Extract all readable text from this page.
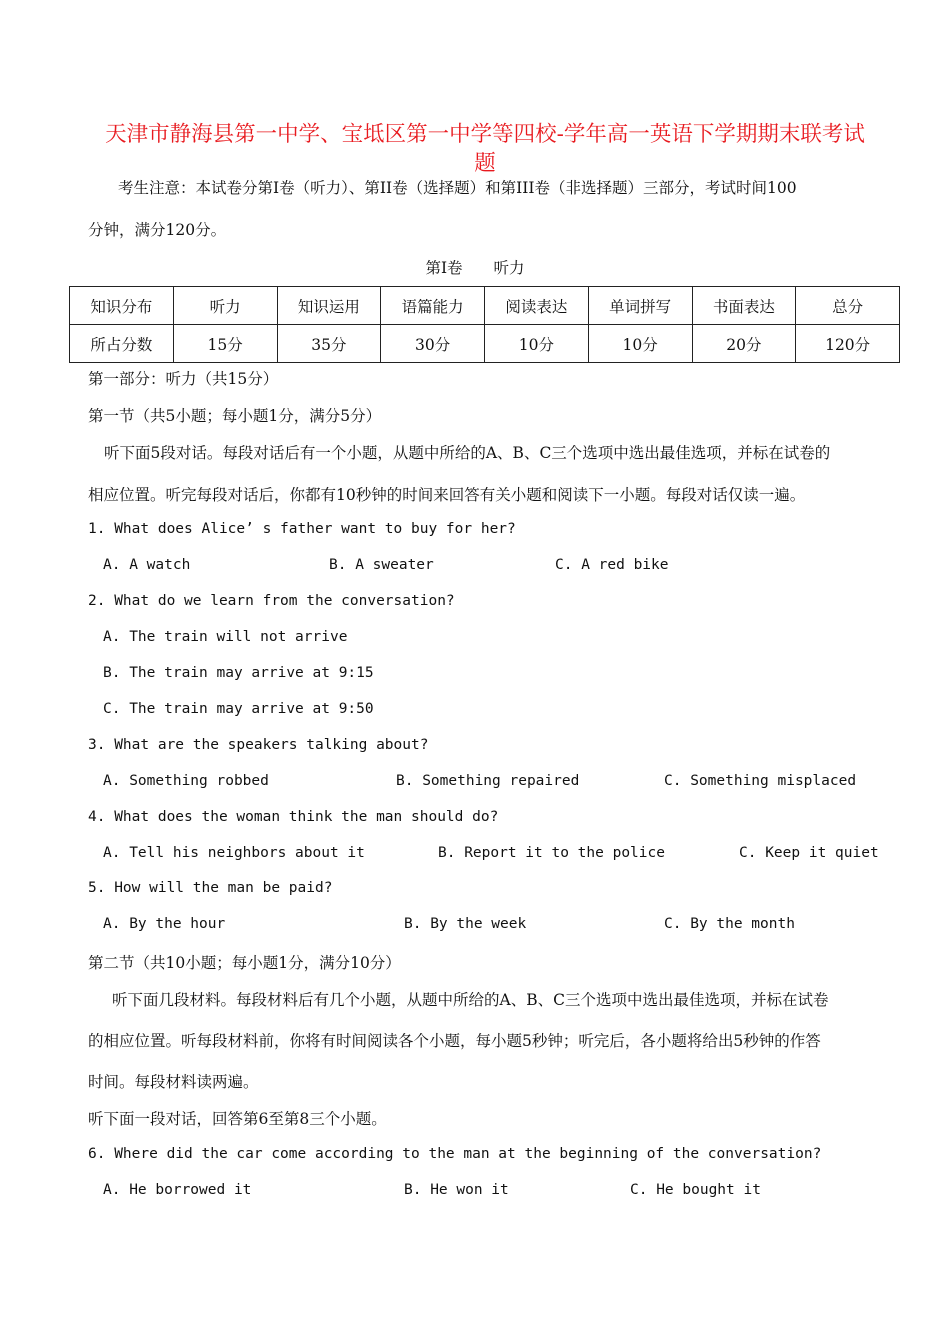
天津市静海县第一中学、宝坻区第一中学等四校-学年高一英语下学期期末联考试
题
考生注意：本试卷分第I卷（听力）、第II卷（选择题）和第III卷（非选择题）三部分，考试时间100
分钟，满分120分。
第I卷　　听力
知识分布	听力	知识运用	语篇能力	阅读表达	单词拼写	书面表达	总分
所占分数	15分	35分	30分	10分	10分	20分	120分
第一部分：听力（共15分）
第一节（共5小题；每小题1分，满分5分）
听下面5段对话。每段对话后有一个小题，从题中所给的A、B、C三个选项中选出最佳选项，并标在试卷的
相应位置。听完每段对话后，你都有10秒钟的时间来回答有关小题和阅读下一小题。每段对话仅读一遍。
1. What does Alice’ s father want to buy for her?
A. A watch	B. A sweater	C. A red bike
2. What do we learn from the conversation?
A. The train will not arrive
B. The train may arrive at 9:15
C. The train may arrive at 9:50
3. What are the speakers talking about?
A. Something robbed	B. Something repaired	C. Something misplaced
4. What does the woman think the man should do?
A. Tell his neighbors about it	B. Report it to the police	C. Keep it quiet
5. How will the man be paid?
A. By the hour	B. By the week	C. By the month
第二节（共10小题；每小题1分，满分10分）
听下面几段材料。每段材料后有几个小题，从题中所给的A、B、C三个选项中选出最佳选项，并标在试卷
的相应位置。听每段材料前，你将有时间阅读各个小题，每小题5秒钟；听完后，各小题将给出5秒钟的作答
时间。每段材料读两遍。
听下面一段对话，回答第6至第8三个小题。
6. Where did the car come according to the man at the beginning of the conversation?
A. He borrowed it	B. He won it	C. He bought it
